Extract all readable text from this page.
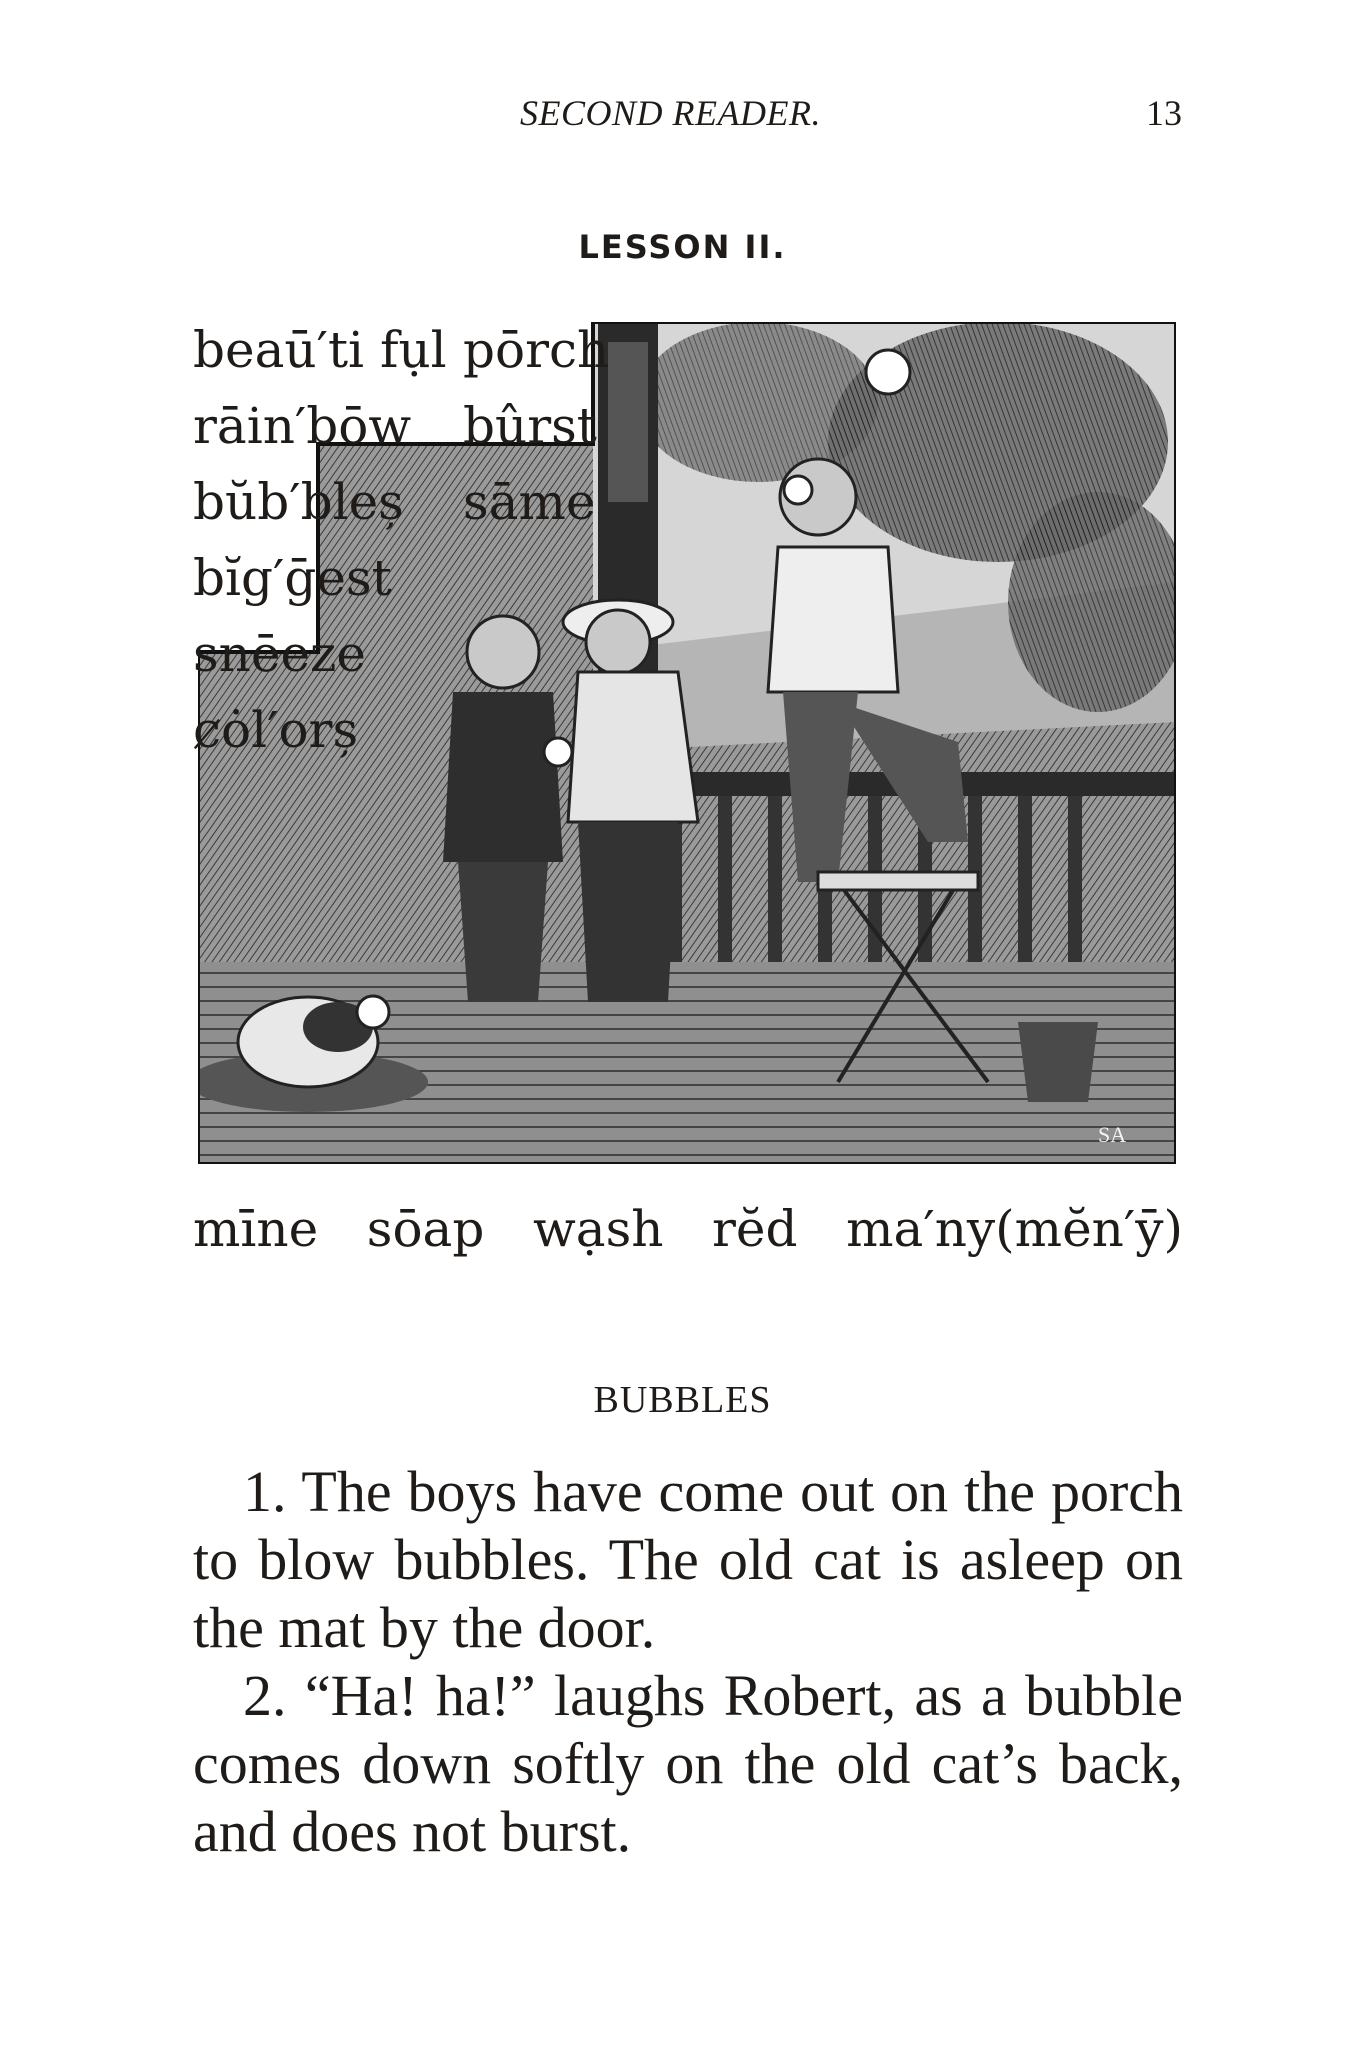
SECOND READER.	13
LESSON II.
SA
beaū′ti fụl pōrch
rāin′bōw bûrst
bŭb′bleș sāme
bĭg′ḡest
snēeze
ȼȯl′orș
mīne sōap wạsh rĕd ma′ny(mĕn′ȳ)
BUBBLES

1. The boys have come out on the porch to blow bubbles. The old cat is asleep on the mat by the door.

2. “Ha! ha!” laughs Robert, as a bubble comes down softly on the old cat’s back, and does not burst.
